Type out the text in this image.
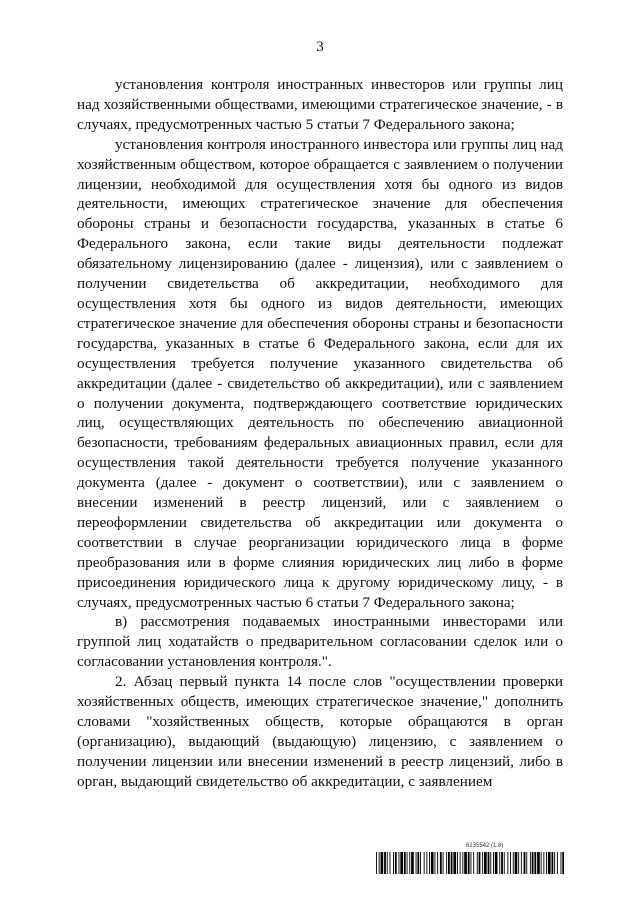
3

установления контроля иностранных инвесторов или группы лиц над хозяйственными обществами, имеющими стратегическое значение, - в случаях, предусмотренных частью 5 статьи 7 Федерального закона;

установления контроля иностранного инвестора или группы лиц над хозяйственным обществом, которое обращается с заявлением о получении лицензии, необходимой для осуществления хотя бы одного из видов деятельности, имеющих стратегическое значение для обеспечения обороны страны и безопасности государства, указанных в статье 6 Федерального закона, если такие виды деятельности подлежат обязательному лицензированию (далее - лицензия), или с заявлением о получении свидетельства об аккредитации, необходимого для осуществления хотя бы одного из видов деятельности, имеющих стратегическое значение для обеспечения обороны страны и безопасности государства, указанных в статье 6 Федерального закона, если для их осуществления требуется получение указанного свидетельства об аккредитации (далее - свидетельство об аккредитации), или с заявлением о получении документа, подтверждающего соответствие юридических лиц, осуществляющих деятельность по обеспечению авиационной безопасности, требованиям федеральных авиационных правил, если для осуществления такой деятельности требуется получение указанного документа (далее - документ о соответствии), или с заявлением о внесении изменений в реестр лицензий, или с заявлением о переоформлении свидетельства об аккредитации или документа о соответствии в случае реорганизации юридического лица в форме преобразования или в форме слияния юридических лиц либо в форме присоединения юридического лица к другому юридическому лицу, - в случаях, предусмотренных частью 6 статьи 7 Федерального закона;

в) рассмотрения подаваемых иностранными инвесторами или группой лиц ходатайств о предварительном согласовании сделок или о согласовании установления контроля.".

2. Абзац первый пункта 14 после слов "осуществлении проверки хозяйственных обществ, имеющих стратегическое значение," дополнить словами "хозяйственных обществ, которые обращаются в орган (организацию), выдающий (выдающую) лицензию, с заявлением о получении лицензии или внесении изменений в реестр лицензий, либо в орган, выдающий свидетельство об аккредитации, с заявлением

6135542 (1.8)
